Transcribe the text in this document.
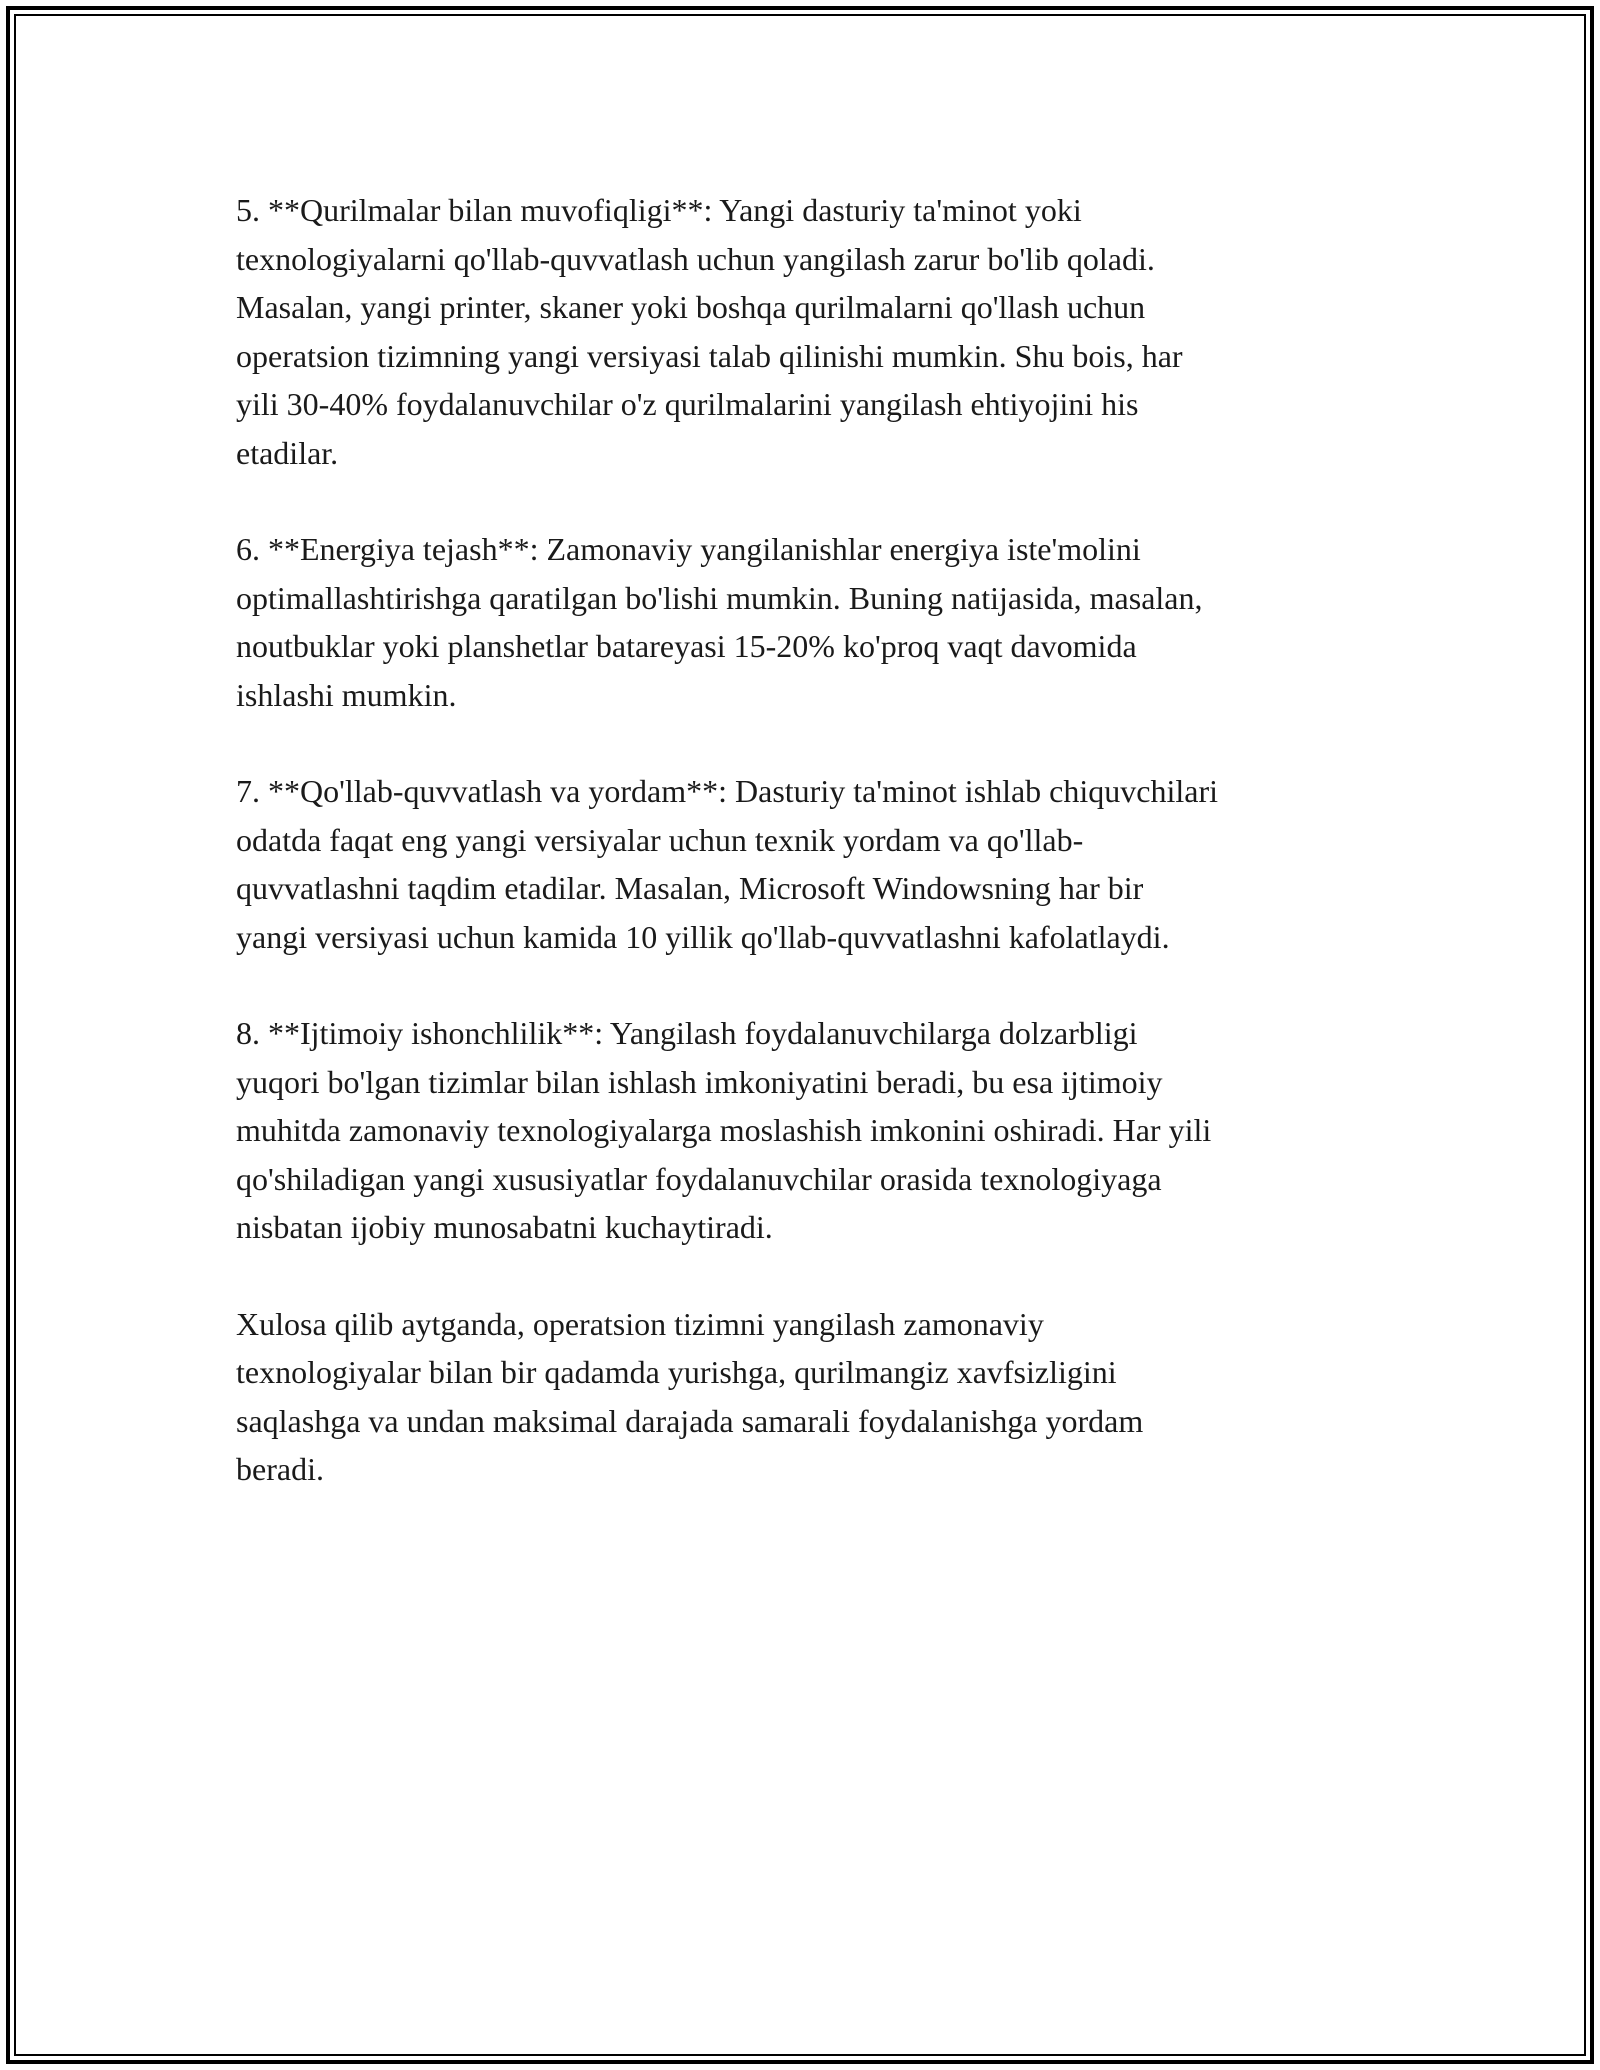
5. **Qurilmalar bilan muvofiqligi**: Yangi dasturiy ta'minot yoki
texnologiyalarni qo'llab-quvvatlash uchun yangilash zarur bo'lib qoladi.
Masalan, yangi printer, skaner yoki boshqa qurilmalarni qo'llash uchun
operatsion tizimning yangi versiyasi talab qilinishi mumkin. Shu bois, har
yili 30-40% foydalanuvchilar o'z qurilmalarini yangilash ehtiyojini his
etadilar.

6. **Energiya tejash**: Zamonaviy yangilanishlar energiya iste'molini
optimallashtirishga qaratilgan bo'lishi mumkin. Buning natijasida, masalan,
noutbuklar yoki planshetlar batareyasi 15-20% ko'proq vaqt davomida
ishlashi mumkin.

7. **Qo'llab-quvvatlash va yordam**: Dasturiy ta'minot ishlab chiquvchilari
odatda faqat eng yangi versiyalar uchun texnik yordam va qo'llab-
quvvatlashni taqdim etadilar. Masalan, Microsoft Windowsning har bir
yangi versiyasi uchun kamida 10 yillik qo'llab-quvvatlashni kafolatlaydi.

8. **Ijtimoiy ishonchlilik**: Yangilash foydalanuvchilarga dolzarbligi
yuqori bo'lgan tizimlar bilan ishlash imkoniyatini beradi, bu esa ijtimoiy
muhitda zamonaviy texnologiyalarga moslashish imkonini oshiradi. Har yili
qo'shiladigan yangi xususiyatlar foydalanuvchilar orasida texnologiyaga
nisbatan ijobiy munosabatni kuchaytiradi.

Xulosa qilib aytganda, operatsion tizimni yangilash zamonaviy
texnologiyalar bilan bir qadamda yurishga, qurilmangiz xavfsizligini
saqlashga va undan maksimal darajada samarali foydalanishga yordam
beradi.
